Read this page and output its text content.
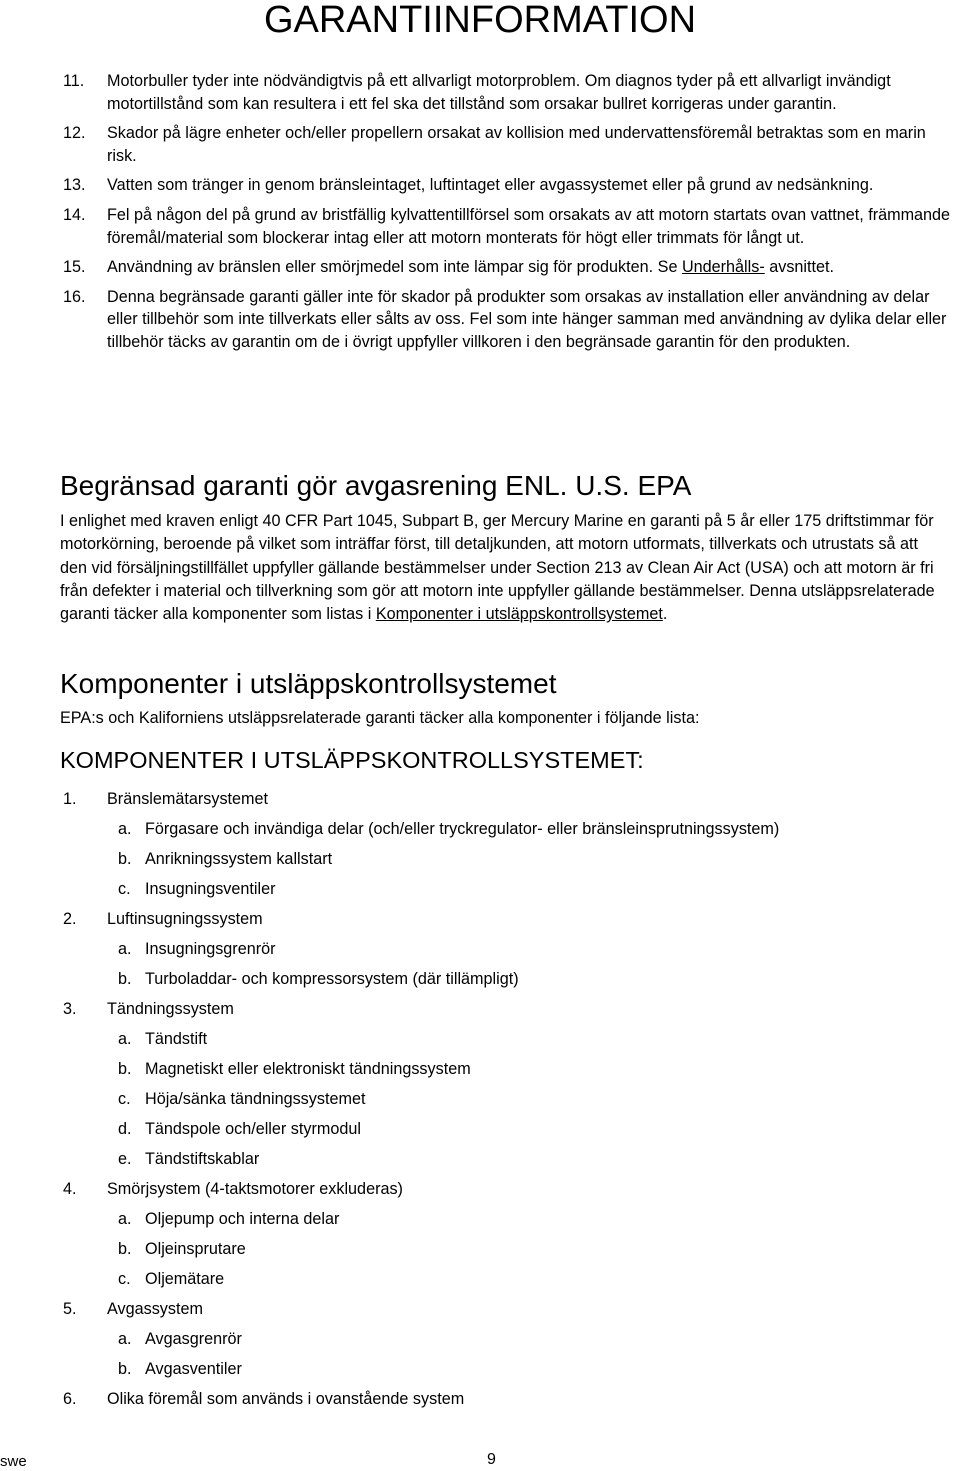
GARANTIINFORMATION
11.	Motorbuller tyder inte nödvändigtvis på ett allvarligt motorproblem. Om diagnos tyder på ett allvarligt invändigt motortillstånd som kan resultera i ett fel ska det tillstånd som orsakar bullret korrigeras under garantin.
12.	Skador på lägre enheter och/eller propellern orsakat av kollision med undervattensföremål betraktas som en marin risk.
13.	Vatten som tränger in genom bränsleintaget, luftintaget eller avgassystemet eller på grund av nedsänkning.
14.	Fel på någon del på grund av bristfällig kylvattentillförsel som orsakats av att motorn startats ovan vattnet, främmande föremål/material som blockerar intag eller att motorn monterats för högt eller trimmats för långt ut.
15.	Användning av bränslen eller smörjmedel som inte lämpar sig för produkten. Se Underhålls- avsnittet.
16.	Denna begränsade garanti gäller inte för skador på produkter som orsakas av installation eller användning av delar eller tillbehör som inte tillverkats eller sålts av oss. Fel som inte hänger samman med användning av dylika delar eller tillbehör täcks av garantin om de i övrigt uppfyller villkoren i den begränsade garantin för den produkten.
Begränsad garanti gör avgasrening ENL. U.S. EPA
I enlighet med kraven enligt 40 CFR Part 1045, Subpart B, ger Mercury Marine en garanti på 5 år eller 175 driftstimmar för motorkörning, beroende på vilket som inträffar först, till detaljkunden, att motorn utformats, tillverkats och utrustats så att den vid försäljningstillfället uppfyller gällande bestämmelser under Section 213 av Clean Air Act (USA) och att motorn är fri från defekter i material och tillverkning som gör att motorn inte uppfyller gällande bestämmelser. Denna utsläppsrelaterade garanti täcker alla komponenter som listas i Komponenter i utsläppskontrollsystemet.
Komponenter i utsläppskontrollsystemet
EPA:s och Kaliforniens utsläppsrelaterade garanti täcker alla komponenter i följande lista:
KOMPONENTER I UTSLÄPPSKONTROLLSYSTEMET:
1.	Bränslemätarsystemet
a. Förgasare och invändiga delar (och/eller tryckregulator- eller bränsleinsprutningssystem)
b. Anrikningssystem kallstart
c. Insugningsventiler
2.	Luftinsugningssystem
a. Insugningsgrenrör
b. Turboladdar- och kompressorsystem (där tillämpligt)
3.	Tändningssystem
a. Tändstift
b. Magnetiskt eller elektroniskt tändningssystem
c. Höja/sänka tändningssystemet
d. Tändspole och/eller styrmodul
e. Tändstiftskablar
4.	Smörjsystem (4-taktsmotorer exkluderas)
a. Oljepump och interna delar
b. Oljeinsprutare
c. Oljemätare
5.	Avgassystem
a. Avgasgrenrör
b. Avgasventiler
6.	Olika föremål som används i ovanstående system
swe	9
